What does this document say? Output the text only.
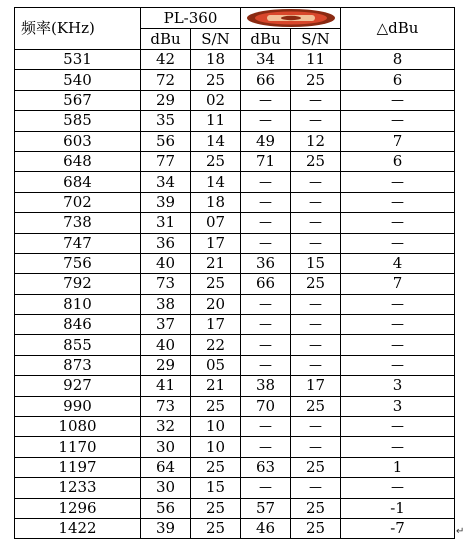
频率(KHz)	PL-360				△dBu
	dBu	S/N	dBu	S/N	
531	42	18	34	11	8
540	72	25	66	25	6
567	29	02	—	—	—
585	35	11	—	—	—
603	56	14	49	12	7
648	77	25	71	25	6
684	34	14	—	—	—
702	39	18	—	—	—
738	31	07	—	—	—
747	36	17	—	—	—
756	40	21	36	15	4
792	73	25	66	25	7
810	38	20	—	—	—
846	37	17	—	—	—
855	40	22	—	—	—
873	29	05	—	—	—
927	41	21	38	17	3
990	73	25	70	25	3
1080	32	10	—	—	—
1170	30	10	—	—	—
1197	64	25	63	25	1
1233	30	15	—	—	—
1296	56	25	57	25	-1
1422	39	25	46	25	-7	↵
